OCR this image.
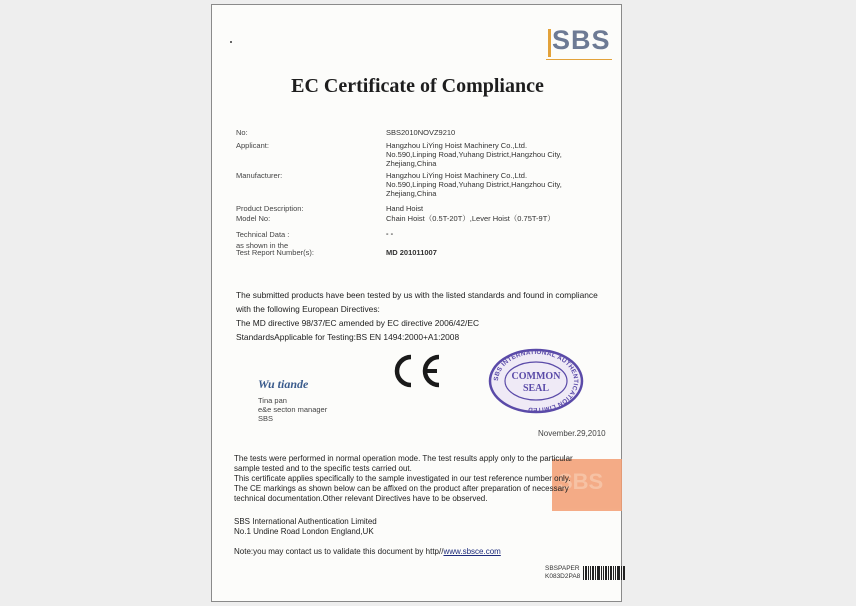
SBS
EC Certificate of Compliance
No:
Applicant:
Manufacturer:
Product Description:
Model No:
Technical Data :
as shown in the
Test Report Number(s):
SBS2010NOVZ9210
Hangzhou LiYing Hoist Machinery Co.,Ltd.
No.590,Linping Road,Yuhang District,Hangzhou City,
Zhejiang,China
Hangzhou LiYing Hoist Machinery Co.,Ltd.
No.590,Linping Road,Yuhang District,Hangzhou City,
Zhejiang,China
Hand Hoist
Chain Hoist（0.5T-20T）,Lever Hoist（0.75T-9T）
- -
MD 201011007
The submitted products have been tested by us with the listed standards and found in compliance
with the following European Directives:
The MD directive 98/37/EC amended by EC directive 2006/42/EC
StandardsApplicable for Testing:BS EN 1494:2000+A1:2008
Wu tiande
Tina pan
e&e secton manager
SBS
SBS INTERNATIONAL AUTHENTICATION LIMITED
COMMON
SEAL
November.29,2010
SBS
The tests were performed in normal operation mode. The test results apply only to the particular
sample tested and to the specific tests carried out.
This certificate applies specifically to the sample investigated in our test reference number only.
The CE markings as shown below can be affixed on the product after preparation of necessary
technical documentation.Other relevant Directives have to be observed.
SBS International Authentication Limited
No.1 Undine Road London England,UK
Note:you may contact us to validate this document by http//www.sbsce.com
SBSPAPER
K083D2PA8
